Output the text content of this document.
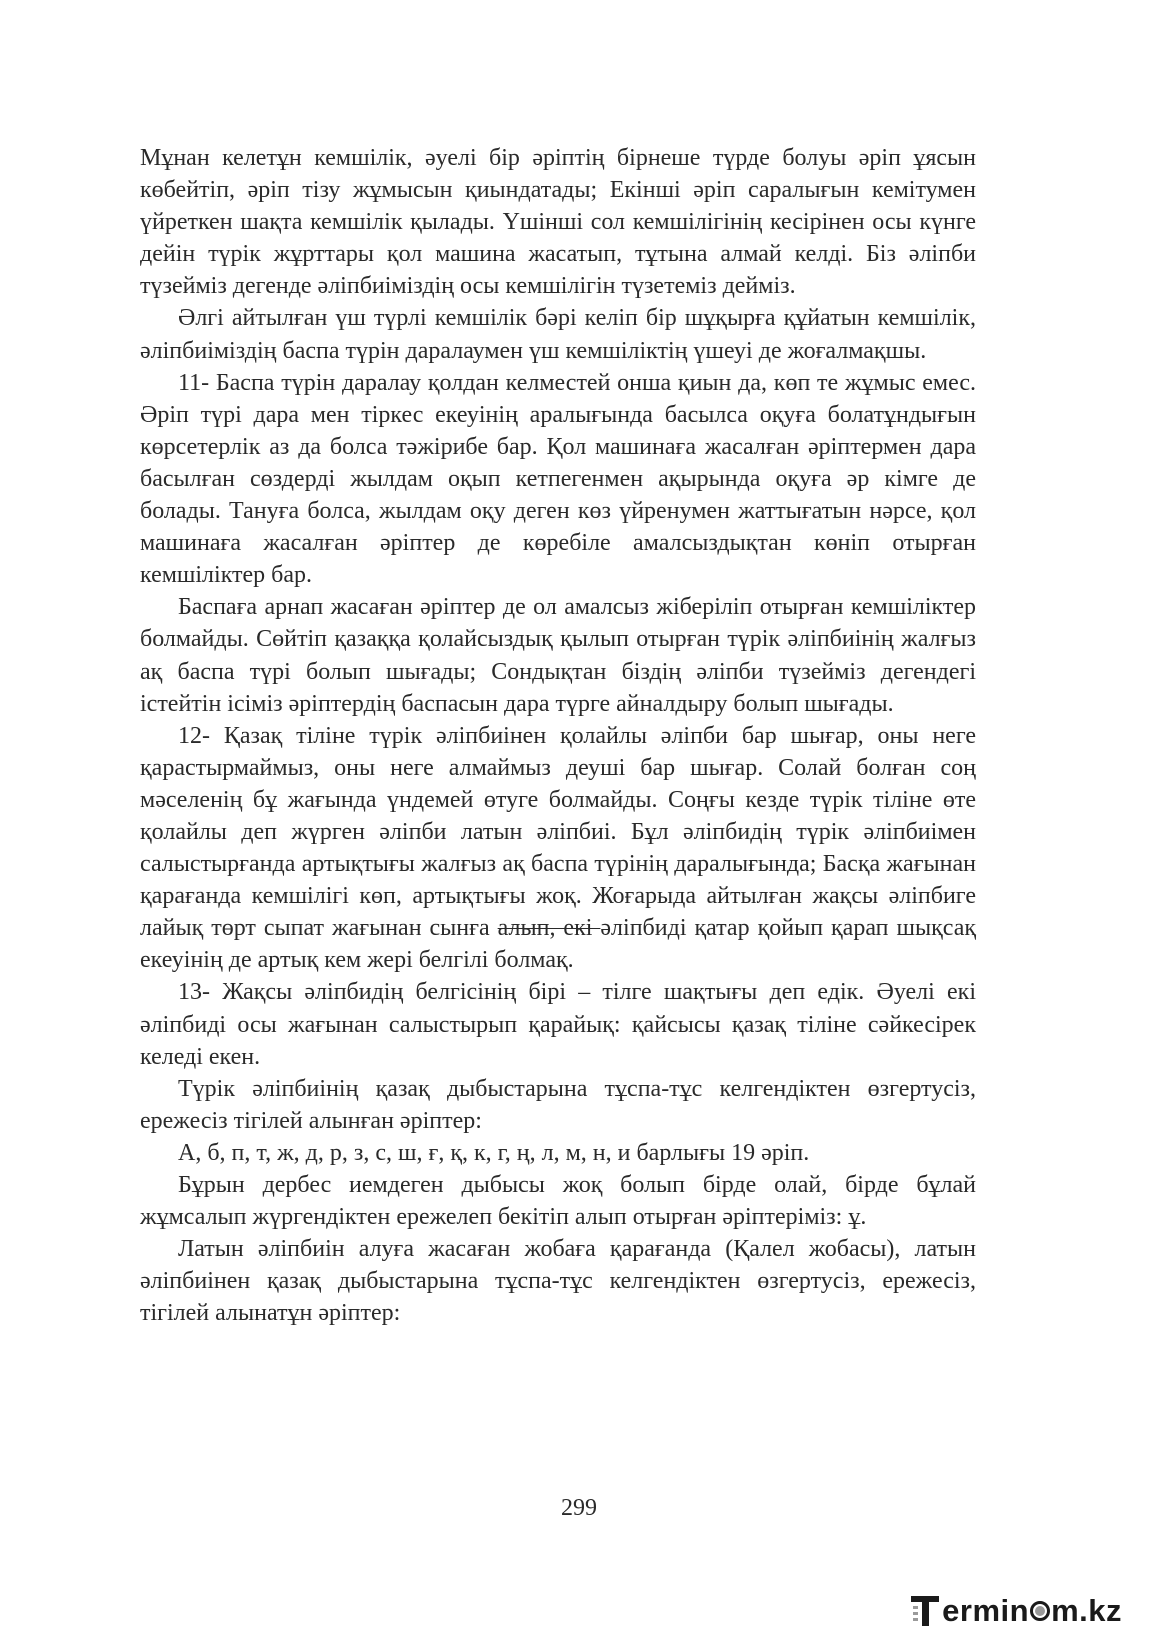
Мұнан келетұн кемшілік, әуелі бір әріптің бірнеше түрде болуы әріп ұясын көбейтіп, әріп тізу жұмысын қиындатады; Екінші әріп саралығын кемітумен үйреткен шақта кемшілік қылады. Үшінші сол кемшілігінің кесірінен осы күнге дейін түрік жұрттары қол машина жасатып, тұтына алмай келді. Біз әліпби түзейміз дегенде әліпбиіміздің осы кемшілігін түзетеміз дейміз.

Әлгі айтылған үш түрлі кемшілік бәрі келіп бір шұқырға құйатын кемшілік, әліпбиіміздің баспа түрін даралаумен үш кемшіліктің үшеуі де жоғалмақшы.

11- Баспа түрін даралау қолдан келместей онша қиын да, көп те жұмыс емес. Әріп түрі дара мен тіркес екеуінің аралығында басылса оқуға болатұндығын көрсетерлік аз да болса тәжірибе бар. Қол машинаға жасалған әріптермен дара басылған сөздерді жылдам оқып кетпегенмен ақырында оқуға әр кімге де болады. Тануға болса, жылдам оқу деген көз үйренумен жаттығатын нәрсе, қол машинаға жасалған әріптер де көребіле амалсыздықтан көніп отырған кемшіліктер бар.

Баспаға арнап жасаған әріптер де ол амалсыз жіберіліп отырған кемшіліктер болмайды. Сөйтіп қазаққа қолайсыздық қылып отырған түрік әліпбиінің жалғыз ақ баспа түрі болып шығады; Сондықтан біздің әліпби түзейміз дегендегі істейтін ісіміз әріптердің баспасын дара түрге айналдыру болып шығады.

12- Қазақ тіліне түрік әліпбиінен қолайлы әліпби бар шығар, оны неге қарастырмаймыз, оны неге алмаймыз деуші бар шығар. Солай болған соң мәселенің бұ жағында үндемей өтуге болмайды. Соңғы кезде түрік тіліне өте қолайлы деп жүрген әліпби латын әліпбиі. Бұл әліпбидің түрік әліпбиімен салыстырғанда артықтығы жалғыз ақ баспа түрінің даралығында; Басқа жағынан қарағанда кемшілігі көп, артықтығы жоқ. Жоғарыда айтылған жақсы әліпбиге лайық төрт сыпат жағынан сынға алып, екі әліпбиді қатар қойып қарап шықсақ екеуінің де артық кем жері белгілі болмақ.

13- Жақсы әліпбидің белгісінің бірі – тілге шақтығы деп едік. Әуелі екі әліпбиді осы жағынан салыстырып қарайық: қайсысы қазақ тіліне сәйкесірек келеді екен.

Түрік әліпбиінің қазақ дыбыстарына тұспа-тұс келгендіктен өзгертусіз, ережесіз тігілей алынған әріптер:

А, б, п, т, ж, д, р, з, с, ш, ғ, қ, к, г, ң, л, м, н, и барлығы 19 әріп.

Бұрын дербес иемдеген дыбысы жоқ болып бірде олай, бірде бұлай жұмсалып жүргендіктен ережелеп бекітіп алып отырған әріптеріміз: ұ.

Латын әліпбиін алуға жасаған жобаға қарағанда (Қалел жобасы), латын әліпбиінен қазақ дыбыстарына тұспа-тұс келгендіктен өзгертусіз, ережесіз, тігілей алынатұн әріптер:

299
ermin m.kz
